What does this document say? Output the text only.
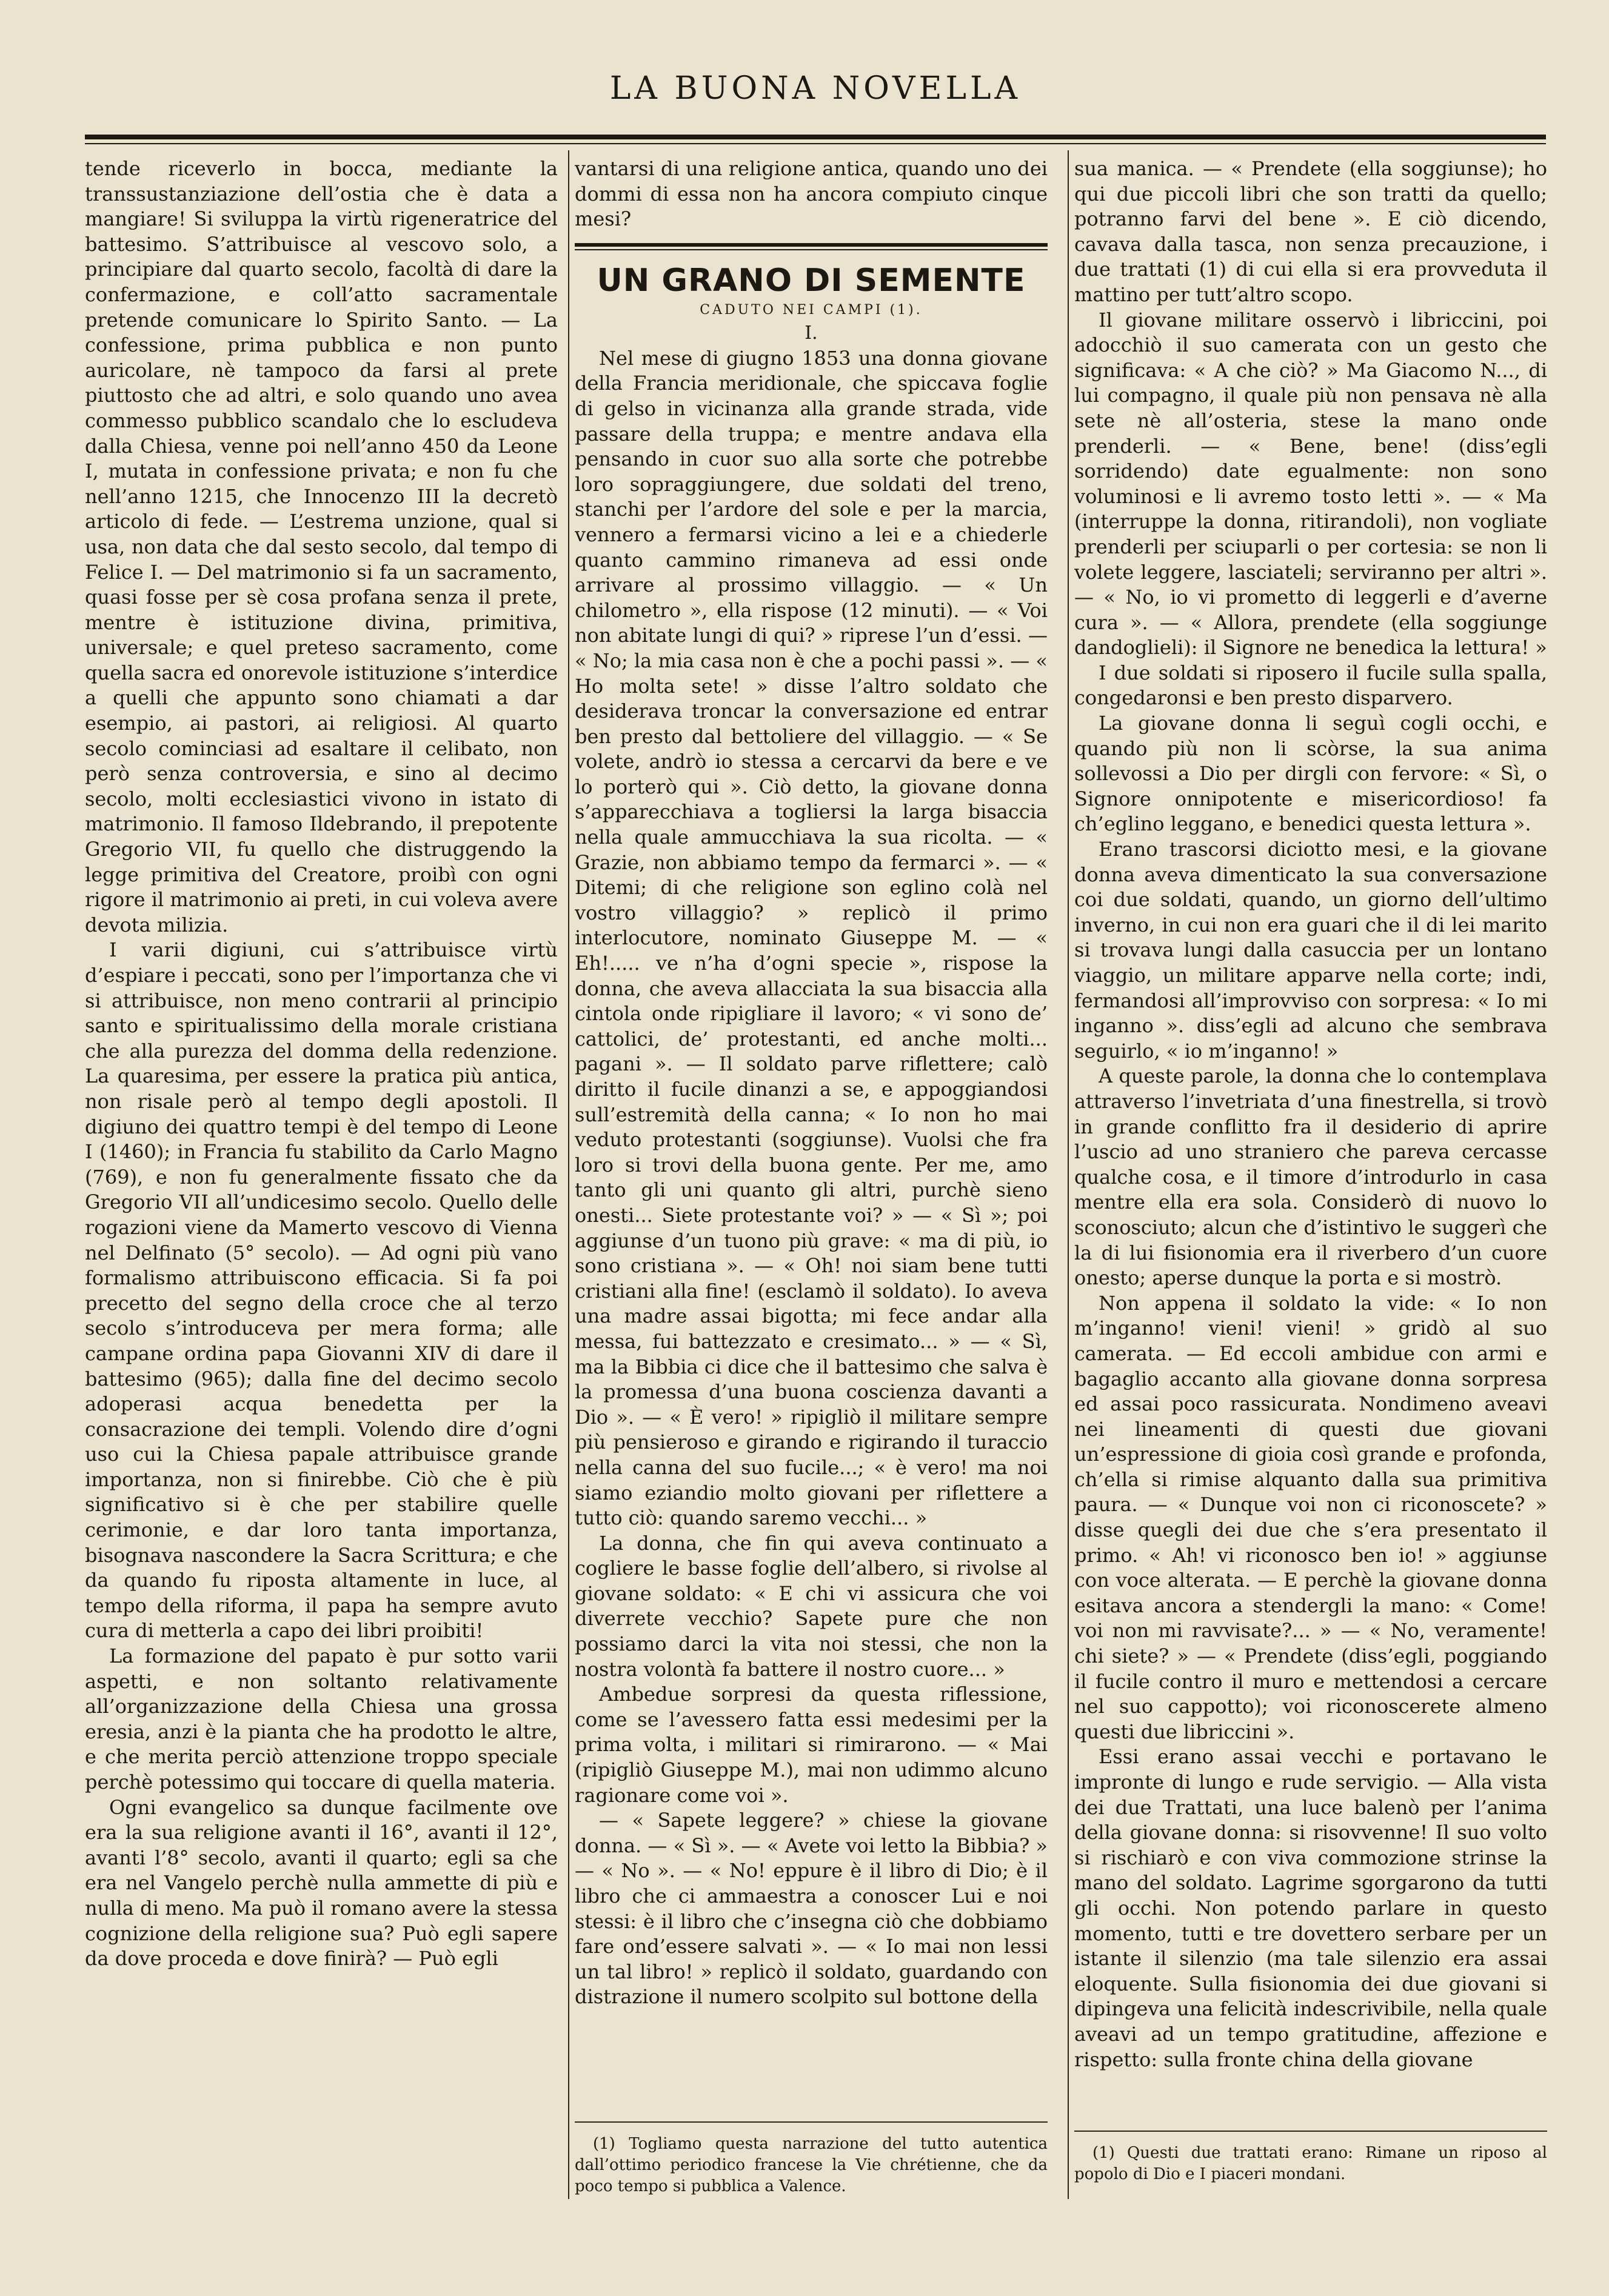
LA BUONA NOVELLA

tende riceverlo in bocca, mediante la transsustanziazione dell’ostia che è data a mangiare! Si sviluppa la virtù rigeneratrice del battesimo. S’attribuisce al vescovo solo, a principiare dal quarto secolo, facoltà di dare la confermazione, e coll’atto sacramentale pretende comunicare lo Spirito Santo. — La confessione, prima pubblica e non punto auricolare, nè tampoco da farsi al prete piuttosto che ad altri, e solo quando uno avea commesso pubblico scandalo che lo escludeva dalla Chiesa, venne poi nell’anno 450 da Leone I, mutata in confessione privata; e non fu che nell’anno 1215, che Innocenzo III la decretò articolo di fede. — L’estrema unzione, qual si usa, non data che dal sesto secolo, dal tempo di Felice I. — Del matrimonio si fa un sacramento, quasi fosse per sè cosa profana senza il prete, mentre è istituzione divina, primitiva, universale; e quel preteso sacramento, come quella sacra ed onorevole istituzione s’interdice a quelli che appunto sono chiamati a dar esempio, ai pastori, ai religiosi. Al quarto secolo cominciasi ad esaltare il celibato, non però senza controversia, e sino al decimo secolo, molti ecclesiastici vivono in istato di matrimonio. Il famoso Ildebrando, il prepotente Gregorio VII, fu quello che distruggendo la legge primitiva del Creatore, proibì con ogni rigore il matrimonio ai preti, in cui voleva avere devota milizia.

I varii digiuni, cui s’attribuisce virtù d’espiare i peccati, sono per l’importanza che vi si attribuisce, non meno contrarii al principio santo e spiritualissimo della morale cristiana che alla purezza del domma della redenzione. La quaresima, per essere la pratica più antica, non risale però al tempo degli apostoli. Il digiuno dei quattro tempi è del tempo di Leone I (1460); in Francia fu stabilito da Carlo Magno (769), e non fu generalmente fissato che da Gregorio VII all’undicesimo secolo. Quello delle rogazioni viene da Mamerto vescovo di Vienna nel Delfinato (5° secolo). — Ad ogni più vano formalismo attribuiscono efficacia. Si fa poi precetto del segno della croce che al terzo secolo s’introduceva per mera forma; alle campane ordina papa Giovanni XIV di dare il battesimo (965); dalla fine del decimo secolo adoperasi acqua benedetta per la consacrazione dei templi. Volendo dire d’ogni uso cui la Chiesa papale attribuisce grande importanza, non si finirebbe. Ciò che è più significativo si è che per stabilire quelle cerimonie, e dar loro tanta importanza, bisognava nascondere la Sacra Scrittura; e che da quando fu riposta altamente in luce, al tempo della riforma, il papa ha sempre avuto cura di metterla a capo dei libri proibiti!

La formazione del papato è pur sotto varii aspetti, e non soltanto relativamente all’organizzazione della Chiesa una grossa eresia, anzi è la pianta che ha prodotto le altre, e che merita perciò attenzione troppo speciale perchè potessimo qui toccare di quella materia.

Ogni evangelico sa dunque facilmente ove era la sua religione avanti il 16°, avanti il 12°, avanti l’8° secolo, avanti il quarto; egli sa che era nel Vangelo perchè nulla ammette di più e nulla di meno. Ma può il romano avere la stessa cognizione della religione sua? Può egli sapere da dove proceda e dove finirà? — Può egli

vantarsi di una religione antica, quando uno dei dommi di essa non ha ancora compiuto cinque mesi?

UN GRANO DI SEMENTE
CADUTO NEI CAMPI (1).
I.

Nel mese di giugno 1853 una donna giovane della Francia meridionale, che spiccava foglie di gelso in vicinanza alla grande strada, vide passare della truppa; e mentre andava ella pensando in cuor suo alla sorte che potrebbe loro sopraggiungere, due soldati del treno, stanchi per l’ardore del sole e per la marcia, vennero a fermarsi vicino a lei e a chiederle quanto cammino rimaneva ad essi onde arrivare al prossimo villaggio. — « Un chilometro », ella rispose (12 minuti). — « Voi non abitate lungi di qui? » riprese l’un d’essi. — « No; la mia casa non è che a pochi passi ». — « Ho molta sete! » disse l’altro soldato che desiderava troncar la conversazione ed entrar ben presto dal bettoliere del villaggio. — « Se volete, andrò io stessa a cercarvi da bere e ve lo porterò qui ». Ciò detto, la giovane donna s’apparecchiava a togliersi la larga bisaccia nella quale ammucchiava la sua ricolta. — « Grazie, non abbiamo tempo da fermarci ». — « Ditemi; di che religione son eglino colà nel vostro villaggio? » replicò il primo interlocutore, nominato Giuseppe M. — « Eh!..... ve n’ha d’ogni specie », rispose la donna, che aveva allacciata la sua bisaccia alla cintola onde ripigliare il lavoro; « vi sono de’ cattolici, de’ protestanti, ed anche molti... pagani ». — Il soldato parve riflettere; calò diritto il fucile dinanzi a se, e appoggiandosi sull’estremità della canna; « Io non ho mai veduto protestanti (soggiunse). Vuolsi che fra loro si trovi della buona gente. Per me, amo tanto gli uni quanto gli altri, purchè sieno onesti... Siete protestante voi? » — « Sì »; poi aggiunse d’un tuono più grave: « ma di più, io sono cristiana ». — « Oh! noi siam bene tutti cristiani alla fine! (esclamò il soldato). Io aveva una madre assai bigotta; mi fece andar alla messa, fui battezzato e cresimato... » — « Sì, ma la Bibbia ci dice che il battesimo che salva è la promessa d’una buona coscienza davanti a Dio ». — « È vero! » ripigliò il militare sempre più pensieroso e girando e rigirando il turaccio nella canna del suo fucile...; « è vero! ma noi siamo eziandio molto giovani per riflettere a tutto ciò: quando saremo vecchi... »

La donna, che fin qui aveva continuato a cogliere le basse foglie dell’albero, si rivolse al giovane soldato: « E chi vi assicura che voi diverrete vecchio? Sapete pure che non possiamo darci la vita noi stessi, che non la nostra volontà fa battere il nostro cuore... »

Ambedue sorpresi da questa riflessione, come se l’avessero fatta essi medesimi per la prima volta, i militari si rimirarono. — « Mai (ripigliò Giuseppe M.), mai non udimmo alcuno ragionare come voi ».

— « Sapete leggere? » chiese la giovane donna. — « Sì ». — « Avete voi letto la Bibbia? » — « No ». — « No! eppure è il libro di Dio; è il libro che ci ammaestra a conoscer Lui e noi stessi: è il libro che c’insegna ciò che dobbiamo fare ond’essere salvati ». — « Io mai non lessi un tal libro! » replicò il soldato, guardando con distrazione il numero scolpito sul bottone della

(1) Togliamo questa narrazione del tutto autentica dall’ottimo periodico francese la Vie chrétienne, che da poco tempo si pubblica a Valence.

sua manica. — « Prendete (ella soggiunse); ho qui due piccoli libri che son tratti da quello; potranno farvi del bene ». E ciò dicendo, cavava dalla tasca, non senza precauzione, i due trattati (1) di cui ella si era provveduta il mattino per tutt’altro scopo.

Il giovane militare osservò i libriccini, poi adocchiò il suo camerata con un gesto che significava: « A che ciò? » Ma Giacomo N..., di lui compagno, il quale più non pensava nè alla sete nè all’osteria, stese la mano onde prenderli. — « Bene, bene! (diss’egli sorridendo) date egualmente: non sono voluminosi e li avremo tosto letti ». — « Ma (interruppe la donna, ritirandoli), non vogliate prenderli per sciuparli o per cortesia: se non li volete leggere, lasciateli; serviranno per altri ». — « No, io vi prometto di leggerli e d’averne cura ». — « Allora, prendete (ella soggiunge dandoglieli): il Signore ne benedica la lettura! »

I due soldati si riposero il fucile sulla spalla, congedaronsi e ben presto disparvero.

La giovane donna li seguì cogli occhi, e quando più non li scòrse, la sua anima sollevossi a Dio per dirgli con fervore: « Sì, o Signore onnipotente e misericordioso! fa ch’eglino leggano, e benedici questa lettura ».

Erano trascorsi diciotto mesi, e la giovane donna aveva dimenticato la sua conversazione coi due soldati, quando, un giorno dell’ultimo inverno, in cui non era guari che il di lei marito si trovava lungi dalla casuccia per un lontano viaggio, un militare apparve nella corte; indi, fermandosi all’improvviso con sorpresa: « Io mi inganno ». diss’egli ad alcuno che sembrava seguirlo, « io m’inganno! »

A queste parole, la donna che lo contemplava attraverso l’invetriata d’una finestrella, si trovò in grande conflitto fra il desiderio di aprire l’uscio ad uno straniero che pareva cercasse qualche cosa, e il timore d’introdurlo in casa mentre ella era sola. Considerò di nuovo lo sconosciuto; alcun che d’istintivo le suggerì che la di lui fisionomia era il riverbero d’un cuore onesto; aperse dunque la porta e si mostrò.

Non appena il soldato la vide: « Io non m’inganno! vieni! vieni! » gridò al suo camerata. — Ed eccoli ambidue con armi e bagaglio accanto alla giovane donna sorpresa ed assai poco rassicurata. Nondimeno aveavi nei lineamenti di questi due giovani un’espressione di gioia così grande e profonda, ch’ella si rimise alquanto dalla sua primitiva paura. — « Dunque voi non ci riconoscete? » disse quegli dei due che s’era presentato il primo. « Ah! vi riconosco ben io! » aggiunse con voce alterata. — E perchè la giovane donna esitava ancora a stendergli la mano: « Come! voi non mi ravvisate?... » — « No, veramente! chi siete? » — « Prendete (diss’egli, poggiando il fucile contro il muro e mettendosi a cercare nel suo cappotto); voi riconoscerete almeno questi due libriccini ».

Essi erano assai vecchi e portavano le impronte di lungo e rude servigio. — Alla vista dei due Trattati, una luce balenò per l’anima della giovane donna: si risovvenne! Il suo volto si rischiarò e con viva commozione strinse la mano del soldato. Lagrime sgorgarono da tutti gli occhi. Non potendo parlare in questo momento, tutti e tre dovettero serbare per un istante il silenzio (ma tale silenzio era assai eloquente. Sulla fisionomia dei due giovani si dipingeva una felicità indescrivibile, nella quale aveavi ad un tempo gratitudine, affezione e rispetto: sulla fronte china della giovane

(1) Questi due trattati erano: Rimane un riposo al popolo di Dio e I piaceri mondani.
